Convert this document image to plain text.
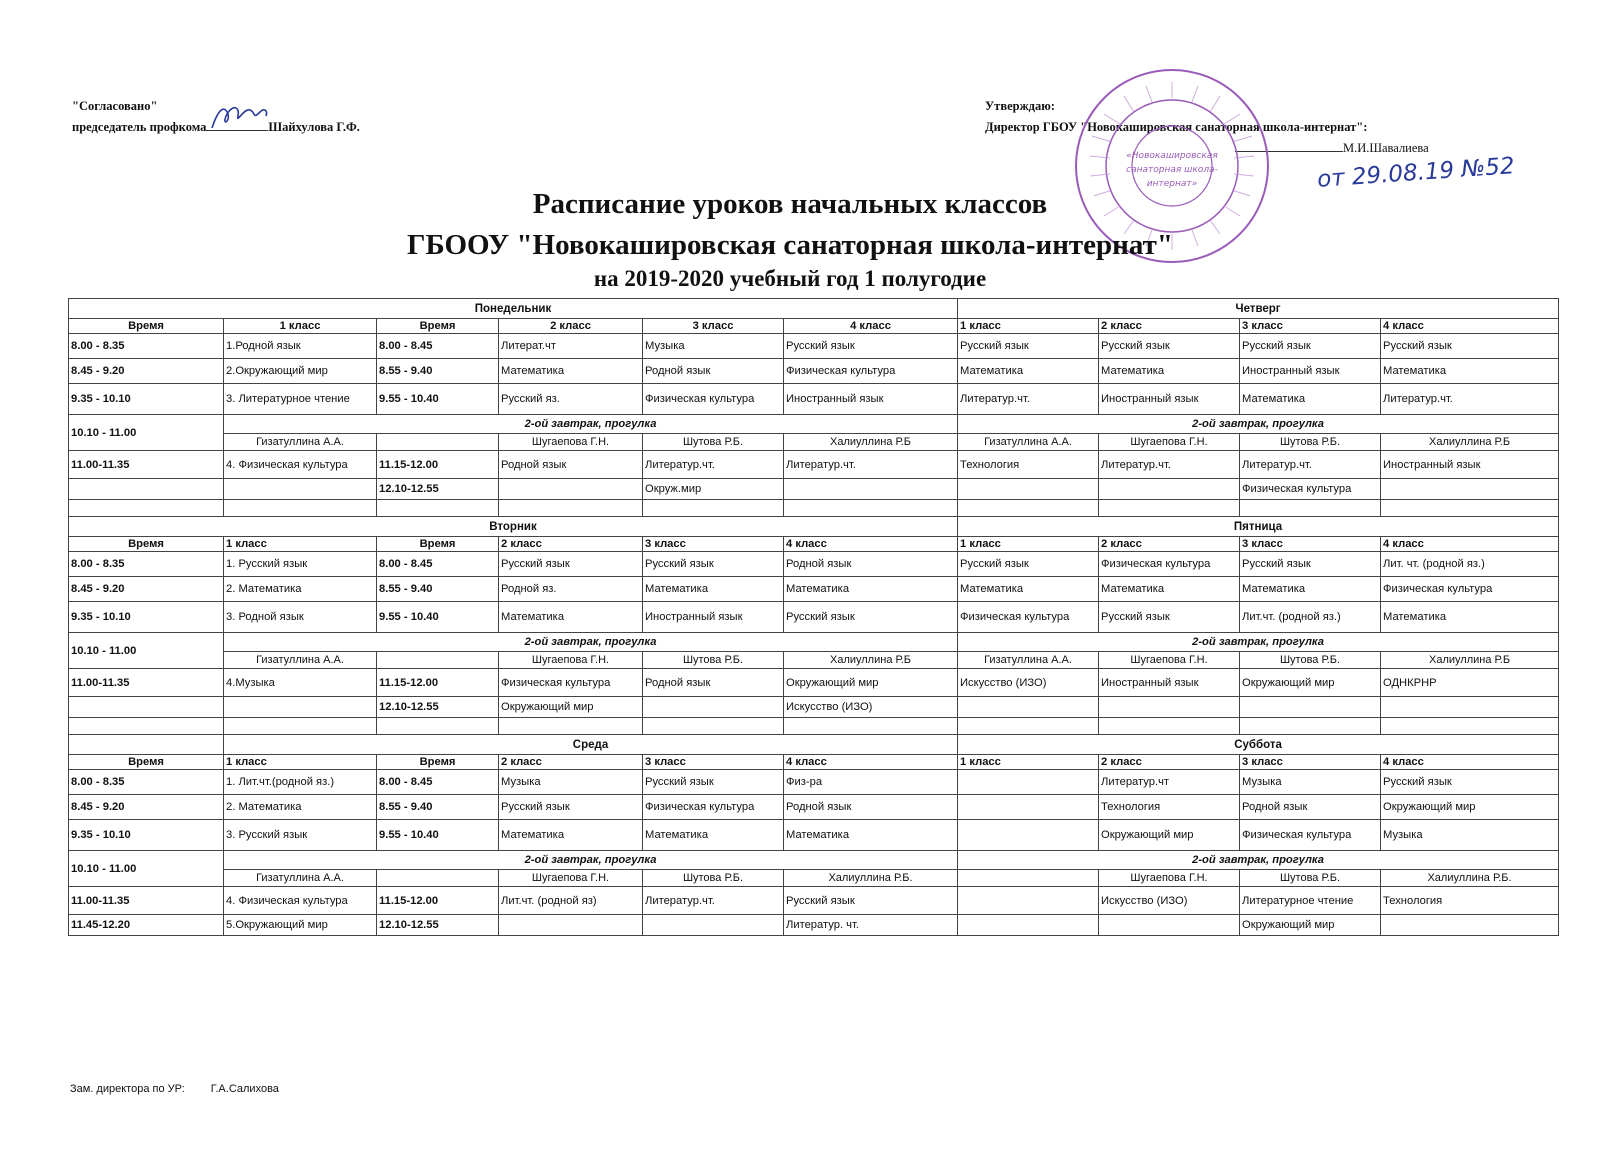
"Согласовано"
председатель профкома	Шайхулова Г.Ф.
Утверждаю:
Директор ГБОУ "Новокашировская санаторная школа-интернат":
М.И.Шавалиева
от 29.08.19 №52
«Новокашировская
санаторная школа-
интернат»
Расписание уроков начальных классов
ГБООУ "Новокашировская санаторная школа-интернат"
на 2019-2020 учебный год 1 полугодие
Понедельник						Четверг			
Время	1 класс	Время	2 класс	3 класс	4 класс	1 класс	2 класс	3 класс	4 класс
8.00 - 8.35	1.Родной язык	8.00 - 8.45	Литерат.чт	Музыка	Русский язык	Русский язык	Русский язык	Русский язык	Русский язык
8.45 - 9.20	2.Окружающий мир	8.55 - 9.40	Математика	Родной язык	Физическая культура	Математика	Математика	Иностранный язык	Математика
9.35 - 10.10	3. Литературное чтение	9.55 - 10.40	Русский яз.	Физическая культура	Иностранный язык	Литератур.чт.	Иностранный язык	Математика	Литератур.чт.
10.10 - 11.00	2-ой завтрак, прогулка					2-ой завтрак, прогулка			
	Гизатуллина А.А.		Шугаепова Г.Н.	Шутова Р.Б.	Халиуллина Р.Б	Гизатуллина А.А.	Шугаепова Г.Н.	Шутова Р.Б.	Халиуллина Р.Б
11.00-11.35	4. Физическая культура	11.15-12.00	Родной язык	Литератур.чт.	Литератур.чт.	Технология	Литератур.чт.	Литератур.чт.	Иностранный язык
		12.10-12.55		Окруж.мир				Физическая культура	

Вторник						Пятница			
Время	1 класс	Время	2 класс	3 класс	4 класс	1 класс	2 класс	3 класс	4 класс
8.00 - 8.35	1. Русский язык	8.00 - 8.45	Русский язык	Русский язык	Родной язык	Русский язык	Физическая культура	Русский язык	Лит. чт. (родной яз.)
8.45 - 9.20	2. Математика	8.55 - 9.40	Родной яз.	Математика	Математика	Математика	Математика	Математика	Физическая культура
9.35 - 10.10	3. Родной язык	9.55 - 10.40	Математика	Иностранный язык	Русский язык	Физическая культура	Русский язык	Лит.чт. (родной яз.)	Математика
10.10 - 11.00	2-ой завтрак, прогулка					2-ой завтрак, прогулка			
	Гизатуллина А.А.		Шугаепова Г.Н.	Шутова Р.Б.	Халиуллина Р.Б	Гизатуллина А.А.	Шугаепова Г.Н.	Шутова Р.Б.	Халиуллина Р.Б
11.00-11.35	4.Музыка	11.15-12.00	Физическая культура	Родной язык	Окружающий мир	Искусство (ИЗО)	Иностранный язык	Окружающий мир	ОДНКРНР
		12.10-12.55	Окружающий мир		Искусство (ИЗО)				

	Среда					Суббота			
Время	1 класс	Время	2 класс	3 класс	4 класс	1 класс	2 класс	3 класс	4 класс
8.00 - 8.35	1. Лит.чт.(родной яз.)	8.00 - 8.45	Музыка	Русский язык	Физ-ра		Литератур.чт	Музыка	Русский язык
8.45 - 9.20	2. Математика	8.55 - 9.40	Русский язык	Физическая культура	Родной язык		Технология	Родной язык	Окружающий мир
9.35 - 10.10	3. Русский язык	9.55 - 10.40	Математика	Математика	Математика		Окружающий мир	Физическая культура	Музыка
10.10 - 11.00	2-ой завтрак, прогулка					2-ой завтрак, прогулка			
	Гизатуллина А.А.		Шугаепова Г.Н.	Шутова Р.Б.	Халиуллина Р.Б.		Шугаепова Г.Н.	Шутова Р.Б.	Халиуллина Р.Б.
11.00-11.35	4. Физическая культура	11.15-12.00	Лит.чт. (родной яз)	Литератур.чт.	Русский язык		Искусство (ИЗО)	Литературное чтение	Технология
11.45-12.20	5.Окружающий мир	12.10-12.55			Литератур. чт.			Окружающий мир	
Зам. директора по УР: Г.А.Салихова
